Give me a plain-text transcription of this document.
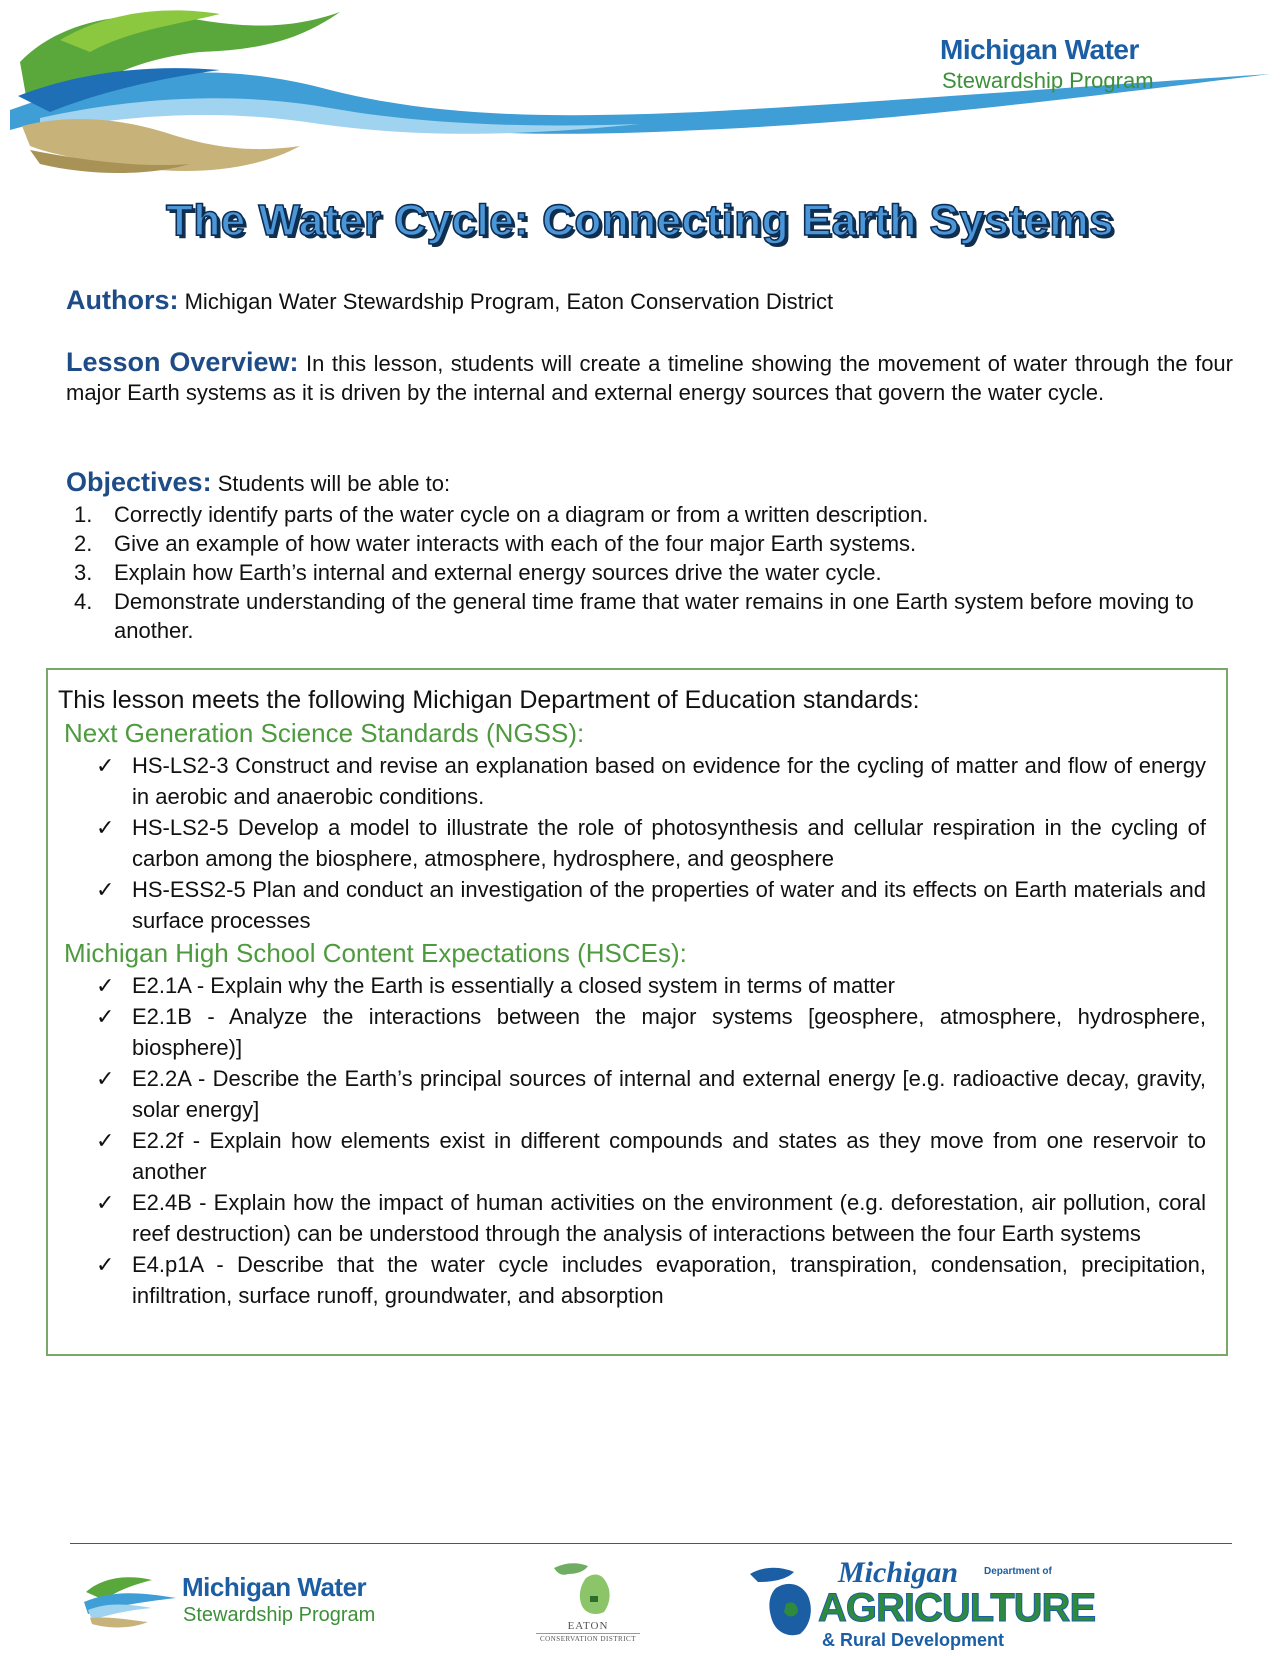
Michigan Water
Stewardship Program
The Water Cycle: Connecting Earth Systems
Authors: Michigan Water Stewardship Program, Eaton Conservation District
Lesson Overview: In this lesson, students will create a timeline showing the movement of water through the four major Earth systems as it is driven by the internal and external energy sources that govern the water cycle.
Objectives: Students will be able to:
1. Correctly identify parts of the water cycle on a diagram or from a written description.
2. Give an example of how water interacts with each of the four major Earth systems.
3. Explain how Earth’s internal and external energy sources drive the water cycle.
4. Demonstrate understanding of the general time frame that water remains in one Earth system before moving to another.
This lesson meets the following Michigan Department of Education standards:
Next Generation Science Standards (NGSS):
✓ HS-LS2-3 Construct and revise an explanation based on evidence for the cycling of matter and flow of energy in aerobic and anaerobic conditions.
✓ HS-LS2-5 Develop a model to illustrate the role of photosynthesis and cellular respiration in the cycling of carbon among the biosphere, atmosphere, hydrosphere, and geosphere
✓ HS-ESS2-5 Plan and conduct an investigation of the properties of water and its effects on Earth materials and surface processes
Michigan High School Content Expectations (HSCEs):
✓ E2.1A - Explain why the Earth is essentially a closed system in terms of matter
✓ E2.1B - Analyze the interactions between the major systems [geosphere, atmosphere, hydrosphere, biosphere)]
✓ E2.2A - Describe the Earth’s principal sources of internal and external energy [e.g. radioactive decay, gravity, solar energy]
✓ E2.2f - Explain how elements exist in different compounds and states as they move from one reservoir to another
✓ E2.4B - Explain how the impact of human activities on the environment (e.g. deforestation, air pollution, coral reef destruction) can be understood through the analysis of interactions between the four Earth systems
✓ E4.p1A - Describe that the water cycle includes evaporation, transpiration, condensation, precipitation, infiltration, surface runoff, groundwater, and absorption
Michigan Water
Stewardship Program	EATON
CONSERVATION DISTRICT
Michigan	Department of
AGRICULTURE
& Rural Development
